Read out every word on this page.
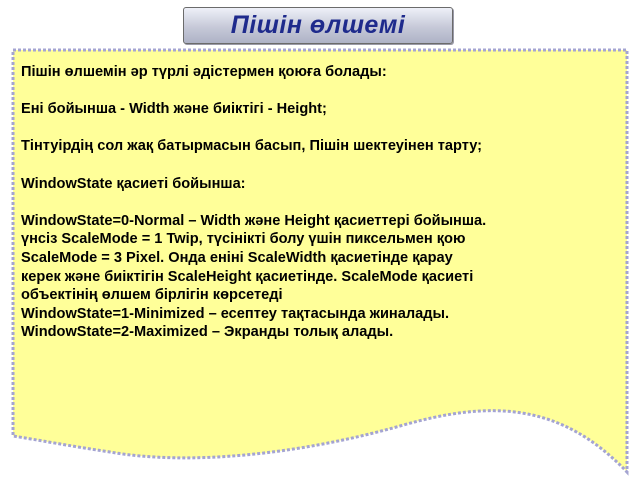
Пішін өлшемі
Пішін өлшемін әр түрлі әдістермен қоюға болады:
Ені бойынша - Width және биіктігі - Height;
Тінтуірдің сол жақ батырмасын басып, Пішін шектеуінен тарту;
WindowState қасиеті бойынша:
WindowState=0-Normal – Width және Height қасиеттері бойынша.
үнсіз ScaleMode = 1 Twip, түсінікті болу үшін пиксельмен қою
ScaleMode = 3 Pixel. Онда енінi ScaleWidth қасиетінде қарау
керек және биіктігін ScaleHeight қасиетінде. ScaleMode қасиеті
объектінің өлшем бірлігін көрсетеді
WindowState=1-Minimized – есептеу тақтасында жиналады.
WindowState=2-Maximized – Экранды толық алады.
